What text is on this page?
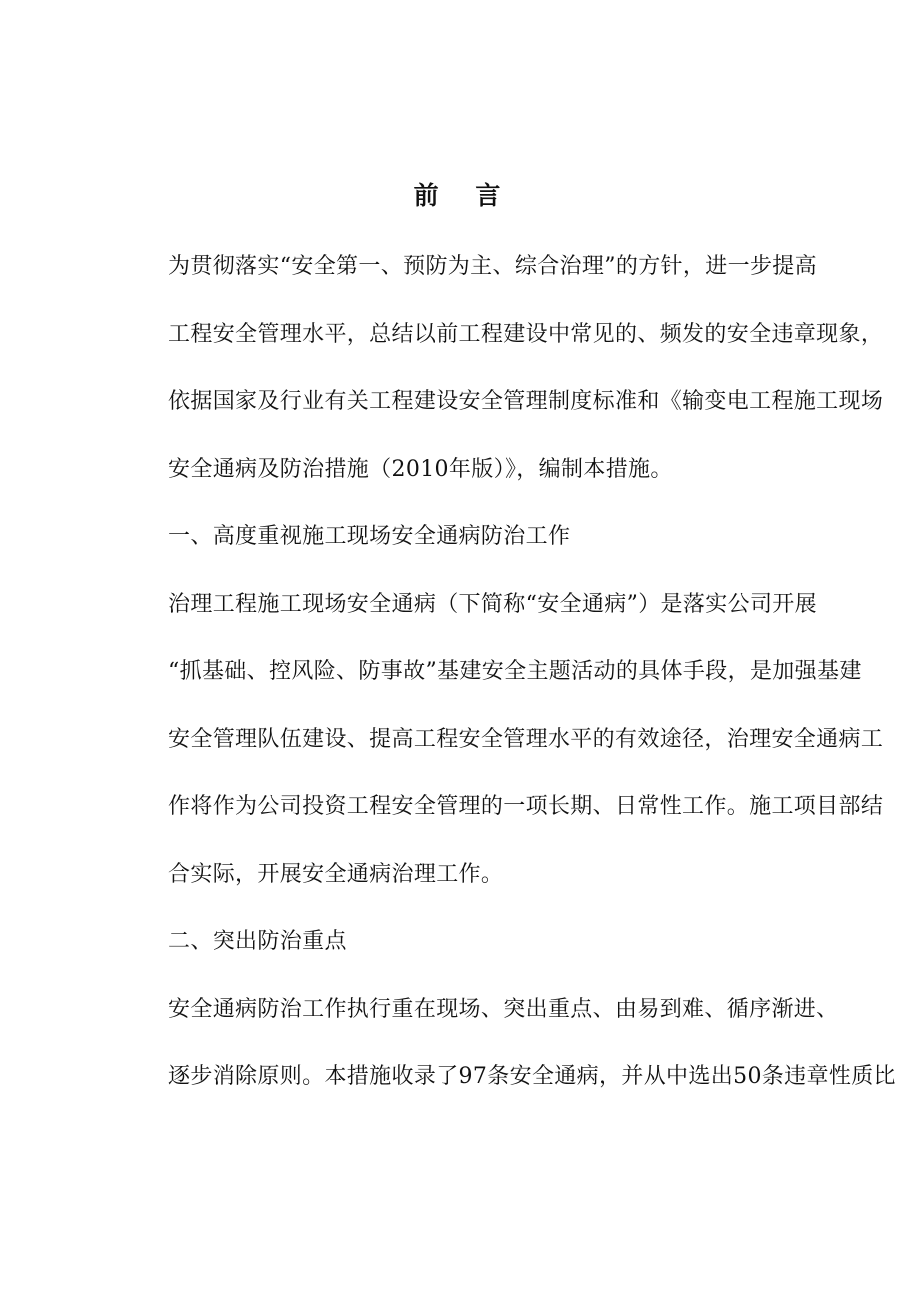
前 言

为贯彻落实“安全第一、预防为主、综合治理”的方针，进一步提高
工程安全管理水平，总结以前工程建设中常见的、频发的安全违章现象，
依据国家及行业有关工程建设安全管理制度标准和《输变电工程施工现场
安全通病及防治措施（2010年版）》，编制本措施。

一、高度重视施工现场安全通病防治工作

治理工程施工现场安全通病（下简称“安全通病”）是落实公司开展
“抓基础、控风险、防事故”基建安全主题活动的具体手段，是加强基建
安全管理队伍建设、提高工程安全管理水平的有效途径，治理安全通病工
作将作为公司投资工程安全管理的一项长期、日常性工作。施工项目部结
合实际，开展安全通病治理工作。

二、突出防治重点

安全通病防治工作执行重在现场、突出重点、由易到难、循序渐进、
逐步消除原则。本措施收录了97条安全通病，并从中选出50条违章性质比
